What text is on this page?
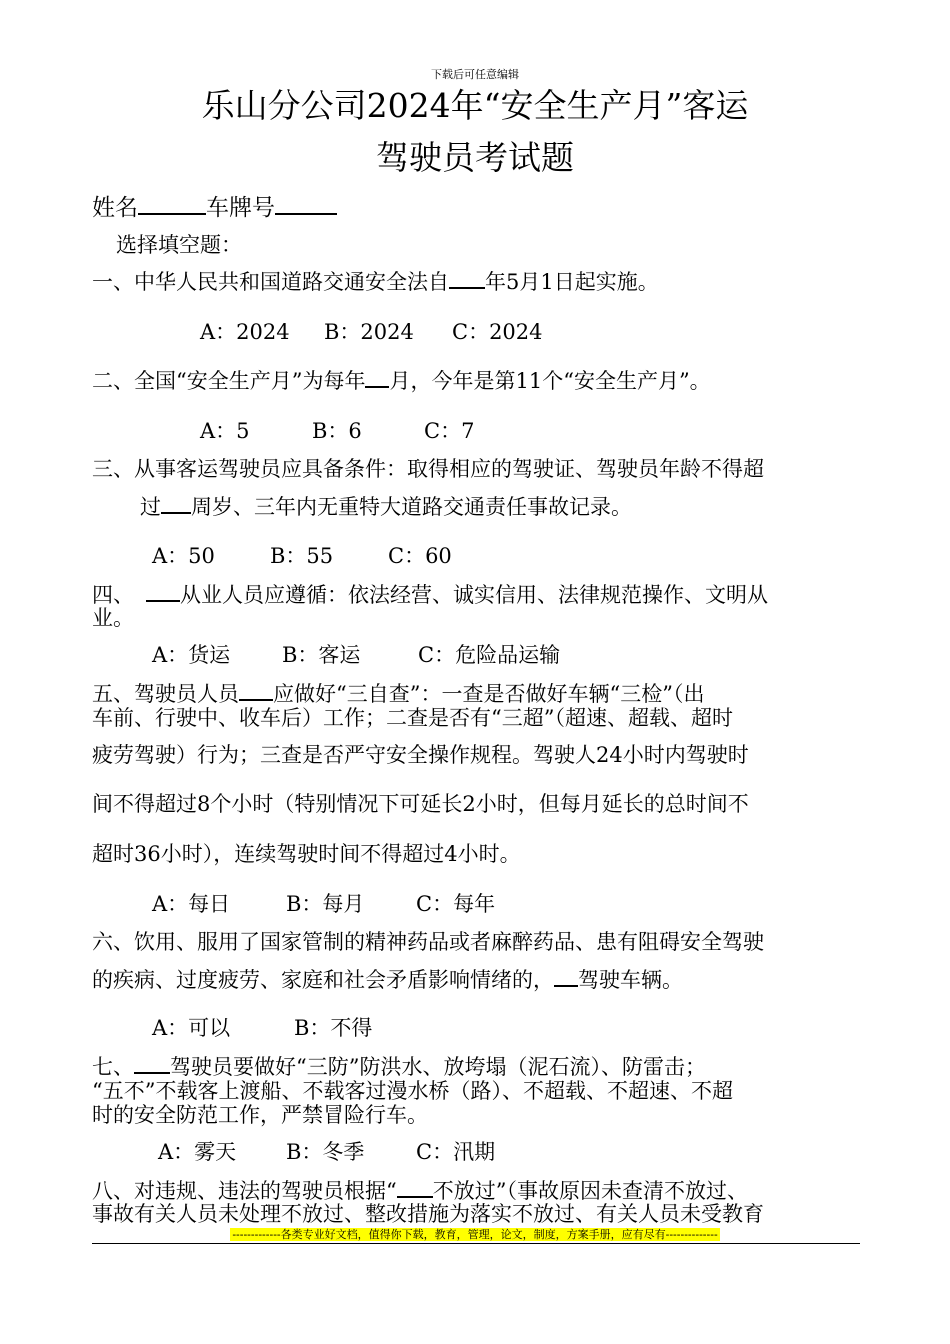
下载后可任意编辑
乐山分公司2024年“安全生产月”客运
驾驶员考试题
姓名	车牌号
选择填空题：
一、中华人民共和国道路交通安全法自 年5月1日起实施。
A：2024 B：2024 C：2024
二、全国“安全生产月”为每年 月，今年是第11个“安全生产月”。
A：5	B：6	C：7
三、从事客运驾驶员应具备条件：取得相应的驾驶证、驾驶员年龄不得超
过 周岁、三年内无重特大道路交通责任事故记录。
A：50	B：55	C：60
四、 从业人员应遵循：依法经营、诚实信用、法律规范操作、文明从
业。
A：货运 B：客运	C：危险品运输
五、驾驶员人员 应做好“三自查”：一查是否做好车辆“三检”（出
车前、行驶中、收车后）工作；二查是否有“三超”（超速、超载、超时
疲劳驾驶）行为；三查是否严守安全操作规程。驾驶人24小时内驾驶时
间不得超过8个小时（特别情况下可延长2小时，但每月延长的总时间不
超时36小时），连续驾驶时间不得超过4小时。
A：每日	B：每月 C：每年
六、饮用、服用了国家管制的精神药品或者麻醉药品、患有阻碍安全驾驶
的疾病、过度疲劳、家庭和社会矛盾影响情绪的， 驾驶车辆。
A：可以	B：不得
七、 驾驶员要做好“三防”防洪水、放垮塌（泥石流）、防雷击；
“五不”不载客上渡船、不载客过漫水桥（路）、不超载、不超速、不超
时的安全防范工作，严禁冒险行车。
A：雾天 B：冬季 C：汛期
八、对违规、违法的驾驶员根据“ 不放过”（事故原因未查清不放过、
事故有关人员未处理不放过、整改措施为落实不放过、有关人员未受教育
-------------各类专业好文档，值得你下载，教育，管理，论文，制度，方案手册，应有尽有--------------
